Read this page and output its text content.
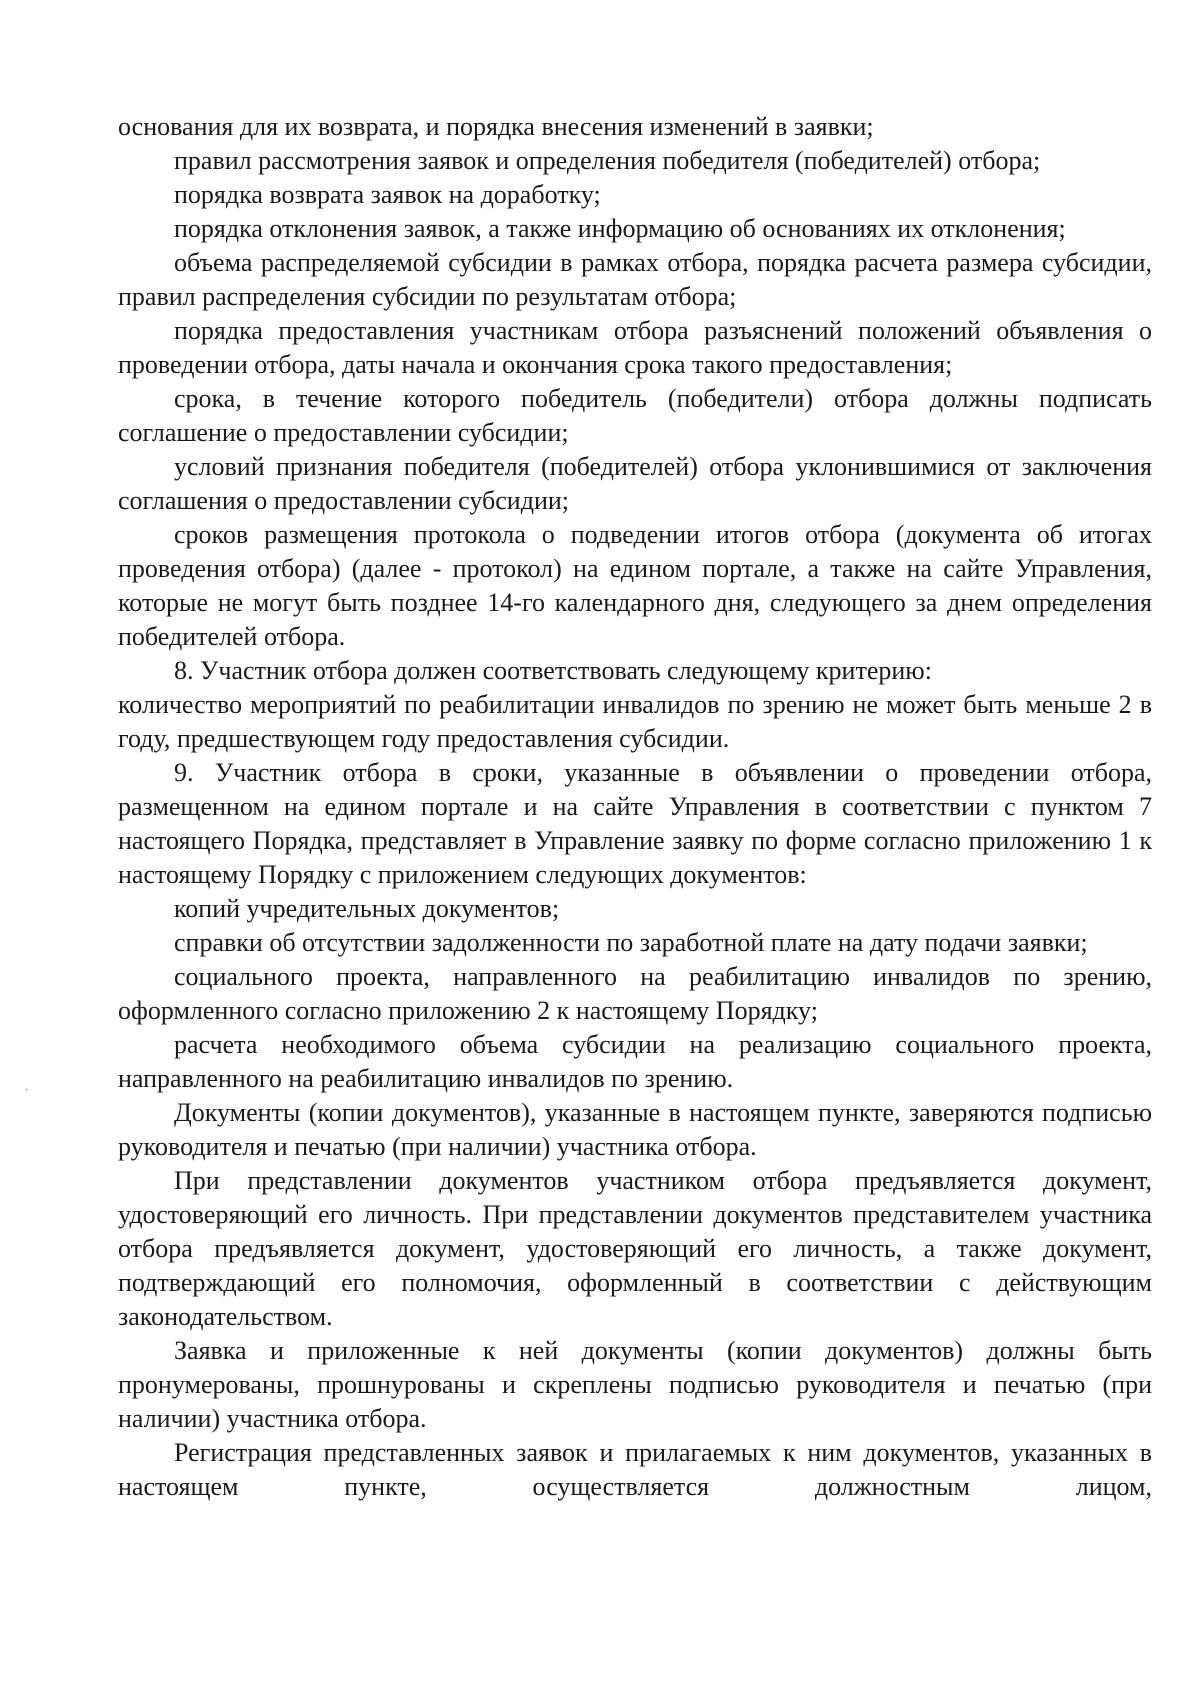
основания для их возврата, и порядка внесения изменений в заявки;

правил рассмотрения заявок и определения победителя (победителей) отбора;

порядка возврата заявок на доработку;

порядка отклонения заявок, а также информацию об основаниях их отклонения;

объема распределяемой субсидии в рамках отбора, порядка расчета размера субсидии, правил распределения субсидии по результатам отбора;

порядка предоставления участникам отбора разъяснений положений объявления о проведении отбора, даты начала и окончания срока такого предоставления;

срока, в течение которого победитель (победители) отбора должны подписать соглашение о предоставлении субсидии;

условий признания победителя (победителей) отбора уклонившимися от заключения соглашения о предоставлении субсидии;

сроков размещения протокола о подведении итогов отбора (документа об итогах проведения отбора) (далее - протокол) на едином портале, а также на сайте Управления, которые не могут быть позднее 14-го календарного дня, следующего за днем определения победителей отбора.

8. Участник отбора должен соответствовать следующему критерию:

количество мероприятий по реабилитации инвалидов по зрению не может быть меньше 2 в году, предшествующем году предоставления субсидии.

9. Участник отбора в сроки, указанные в объявлении о проведении отбора, размещенном на едином портале и на сайте Управления в соответствии с пунктом 7 настоящего Порядка, представляет в Управление заявку по форме согласно приложению 1 к настоящему Порядку с приложением следующих документов:

копий учредительных документов;

справки об отсутствии задолженности по заработной плате на дату подачи заявки;

социального проекта, направленного на реабилитацию инвалидов по зрению, оформленного согласно приложению 2 к настоящему Порядку;

расчета необходимого объема субсидии на реализацию социального проекта, направленного на реабилитацию инвалидов по зрению.

Документы (копии документов), указанные в настоящем пункте, заверяются подписью руководителя и печатью (при наличии) участника отбора.

При представлении документов участником отбора предъявляется документ, удостоверяющий его личность. При представлении документов представителем участника отбора предъявляется документ, удостоверяющий его личность, а также документ, подтверждающий его полномочия, оформленный в соответствии с действующим законодательством.

Заявка и приложенные к ней документы (копии документов) должны быть пронумерованы, прошнурованы и скреплены подписью руководителя и печатью (при наличии) участника отбора.

Регистрация представленных заявок и прилагаемых к ним документов, указанных в настоящем пункте, осуществляется должностным лицом,

·
